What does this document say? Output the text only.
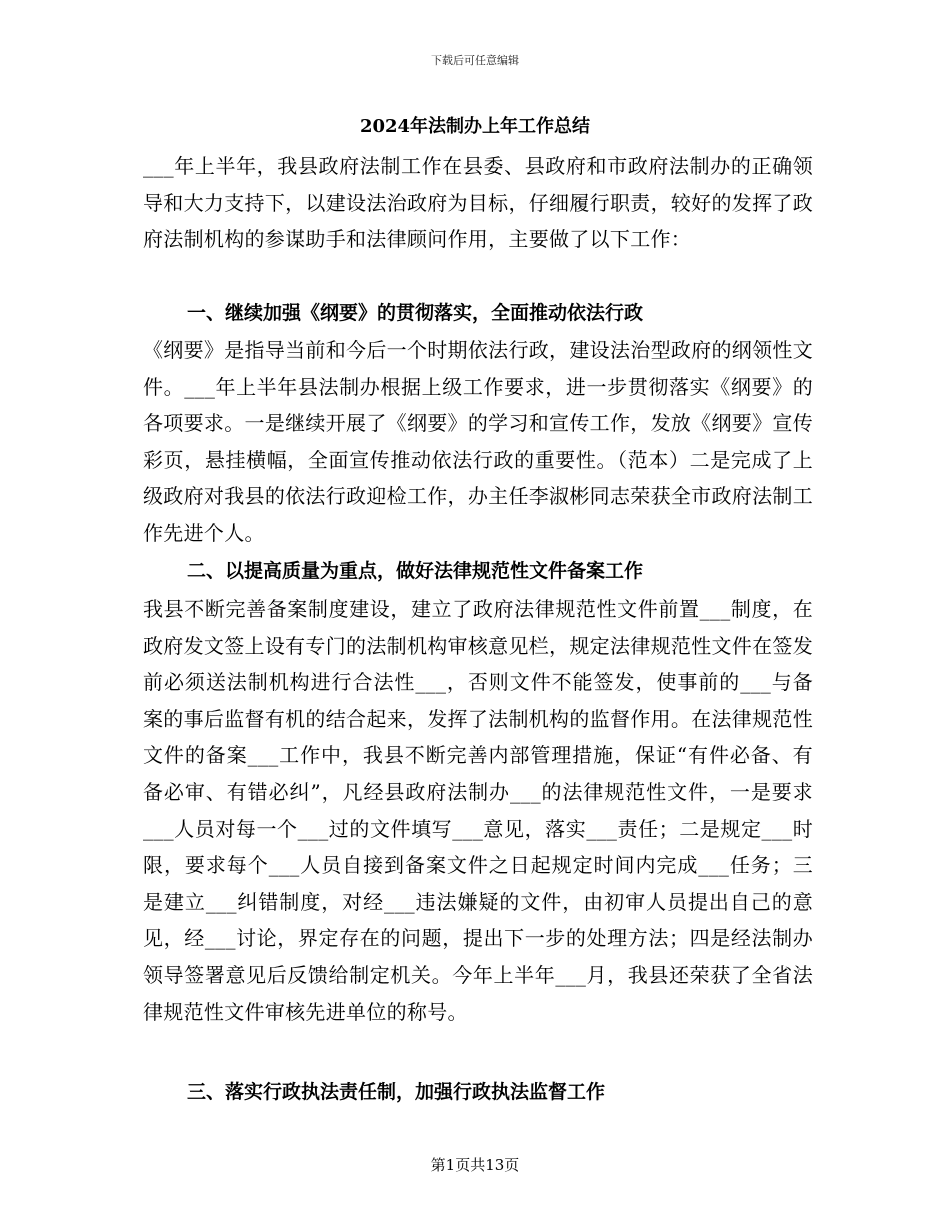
下载后可任意编辑
2024年法制办上年工作总结

___年上半年，我县政府法制工作在县委、县政府和市政府法制办的正确领导和大力支持下，以建设法治政府为目标，仔细履行职责，较好的发挥了政府法制机构的参谋助手和法律顾问作用，主要做了以下工作：

一、继续加强《纲要》的贯彻落实，全面推动依法行政

《纲要》是指导当前和今后一个时期依法行政，建设法治型政府的纲领性文件。___年上半年县法制办根据上级工作要求，进一步贯彻落实《纲要》的各项要求。一是继续开展了《纲要》的学习和宣传工作，发放《纲要》宣传彩页，悬挂横幅，全面宣传推动依法行政的重要性。（范本）二是完成了上级政府对我县的依法行政迎检工作，办主任李淑彬同志荣获全市政府法制工作先进个人。

二、以提高质量为重点，做好法律规范性文件备案工作

我县不断完善备案制度建设，建立了政府法律规范性文件前置___制度，在政府发文签上设有专门的法制机构审核意见栏，规定法律规范性文件在签发前必须送法制机构进行合法性___，否则文件不能签发，使事前的___与备案的事后监督有机的结合起来，发挥了法制机构的监督作用。在法律规范性文件的备案___工作中，我县不断完善内部管理措施，保证“有件必备、有备必审、有错必纠”，凡经县政府法制办___的法律规范性文件，一是要求___人员对每一个___过的文件填写___意见，落实___责任；二是规定___时限，要求每个___人员自接到备案文件之日起规定时间内完成___任务；三是建立___纠错制度，对经___违法嫌疑的文件，由初审人员提出自己的意见，经___讨论，界定存在的问题，提出下一步的处理方法；四是经法制办领导签署意见后反馈给制定机关。今年上半年___月，我县还荣获了全省法律规范性文件审核先进单位的称号。

三、落实行政执法责任制，加强行政执法监督工作
第1页共13页
